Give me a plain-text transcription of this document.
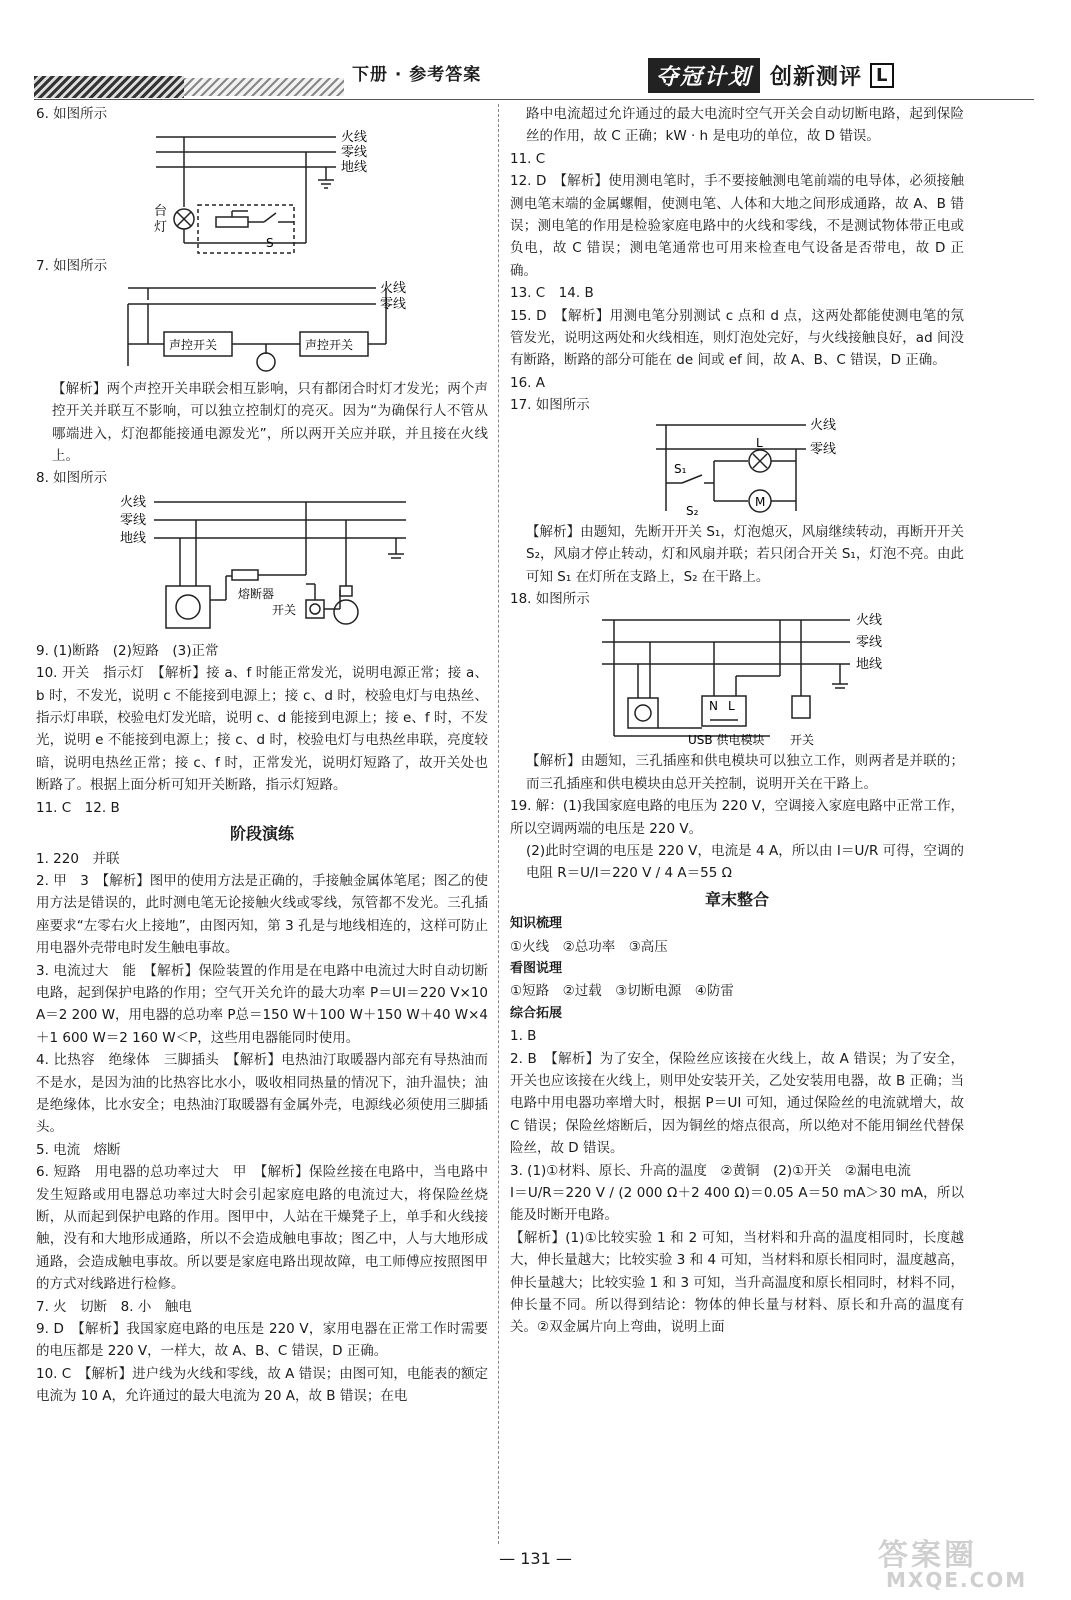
下册 · 参考答案	夺冠计划 创新测评 L

6. 如图所示

火线
零线
地线
台
灯
S

7. 如图所示

火线
零线
声控开关	声控开关

【解析】两个声控开关串联会相互影响，只有都闭合时灯才发光；两个声控开关并联互不影响，可以独立控制灯的亮灭。因为“为确保行人不管从哪端进入，灯泡都能接通电源发光”，所以两开关应并联，并且接在火线上。

8. 如图所示

火线
零线
地线
熔断器
开关

9. (1)断路　(2)短路　(3)正常

10. 开关　指示灯　【解析】接 a、f 时能正常发光，说明电源正常；接 a、b 时，不发光，说明 c 不能接到电源上；接 c、d 时，校验电灯与电热丝、指示灯串联，校验电灯发光暗，说明 c、d 能接到电源上；接 e、f 时，不发光，说明 e 不能接到电源上；接 c、d 时，校验电灯与电热丝串联，亮度较暗，说明电热丝正常；接 c、f 时，正常发光，说明灯短路了，故开关处也断路了。根据上面分析可知开关断路，指示灯短路。

11. C　12. B

阶段演练

1. 220　并联

2. 甲　3　【解析】图甲的使用方法是正确的，手接触金属体笔尾；图乙的使用方法是错误的，此时测电笔无论接触火线或零线，氖管都不发光。三孔插座要求“左零右火上接地”，由图丙知，第 3 孔是与地线相连的，这样可防止用电器外壳带电时发生触电事故。

3. 电流过大　能　【解析】保险装置的作用是在电路中电流过大时自动切断电路，起到保护电路的作用；空气开关允许的最大功率 P＝UI＝220 V×10 A＝2 200 W，用电器的总功率 P总＝150 W＋100 W＋150 W＋40 W×4＋1 600 W＝2 160 W＜P，这些用电器能同时使用。

4. 比热容　绝缘体　三脚插头　【解析】电热油汀取暖器内部充有导热油而不是水，是因为油的比热容比水小，吸收相同热量的情况下，油升温快；油是绝缘体，比水安全；电热油汀取暖器有金属外壳，电源线必须使用三脚插头。

5. 电流　熔断

6. 短路　用电器的总功率过大　甲　【解析】保险丝接在电路中，当电路中发生短路或用电器总功率过大时会引起家庭电路的电流过大，将保险丝烧断，从而起到保护电路的作用。图甲中，人站在干燥凳子上，单手和火线接触，没有和大地形成通路，所以不会造成触电事故；图乙中，人与大地形成通路，会造成触电事故。所以要是家庭电路出现故障，电工师傅应按照图甲的方式对线路进行检修。

7. 火　切断　8. 小　触电

9. D　【解析】我国家庭电路的电压是 220 V，家用电器在正常工作时需要的电压都是 220 V，一样大，故 A、B、C 错误，D 正确。

10. C　【解析】进户线为火线和零线，故 A 错误；由图可知，电能表的额定电流为 10 A，允许通过的最大电流为 20 A，故 B 错误；在电

路中电流超过允许通过的最大电流时空气开关会自动切断电路，起到保险丝的作用，故 C 正确；kW · h 是电功的单位，故 D 错误。

11. C

12. D　【解析】使用测电笔时，手不要接触测电笔前端的电导体，必须接触测电笔末端的金属螺帽，使测电笔、人体和大地之间形成通路，故 A、B 错误；测电笔的作用是检验家庭电路中的火线和零线，不是测试物体带正电或负电，故 C 错误；测电笔通常也可用来检查电气设备是否带电，故 D 正确。

13. C　14. B

15. D　【解析】用测电笔分别测试 c 点和 d 点，这两处都能使测电笔的氖管发光，说明这两处和火线相连，则灯泡处完好，与火线接触良好，ad 间没有断路，断路的部分可能在 de 间或 ef 间，故 A、B、C 错误，D 正确。

16. A

17. 如图所示

火线
零线
S₁
S₂
L
M

【解析】由题知，先断开开关 S₁，灯泡熄灭，风扇继续转动，再断开开关 S₂，风扇才停止转动，灯和风扇并联；若只闭合开关 S₁，灯泡不亮。由此可知 S₁ 在灯所在支路上，S₂ 在干路上。

18. 如图所示

火线
零线
地线
N L
USB 供电模块 开关

【解析】由题知，三孔插座和供电模块可以独立工作，则两者是并联的；而三孔插座和供电模块由总开关控制，说明开关在干路上。

19. 解：(1)我国家庭电路的电压为 220 V，空调接入家庭电路中正常工作，所以空调两端的电压是 220 V。

(2)此时空调的电压是 220 V，电流是 4 A，所以由 I＝U/R 可得，空调的电阻 R＝U/I＝220 V / 4 A＝55 Ω

章末整合

知识梳理

①火线　②总功率　③高压

看图说理

①短路　②过载　③切断电源　④防雷

综合拓展

1. B

2. B　【解析】为了安全，保险丝应该接在火线上，故 A 错误；为了安全，开关也应该接在火线上，则甲处安装开关，乙处安装用电器，故 B 正确；当电路中用电器功率增大时，根据 P＝UI 可知，通过保险丝的电流就增大，故 C 错误；保险丝熔断后，因为铜丝的熔点很高，所以绝对不能用铜丝代替保险丝，故 D 错误。

3. (1)①材料、原长、升高的温度　②黄铜　(2)①开关　②漏电电流

I＝U/R＝220 V / (2 000 Ω＋2 400 Ω)＝0.05 A＝50 mA＞30 mA，所以能及时断开电路。

【解析】(1)①比较实验 1 和 2 可知，当材料和升高的温度相同时，长度越大，伸长量越大；比较实验 3 和 4 可知，当材料和原长相同时，温度越高，伸长量越大；比较实验 1 和 3 可知，当升高温度和原长相同时，材料不同，伸长量不同。所以得到结论：物体的伸长量与材料、原长和升高的温度有关。②双金属片向上弯曲，说明上面

— 131 —	答案圈
MXQE.COM
